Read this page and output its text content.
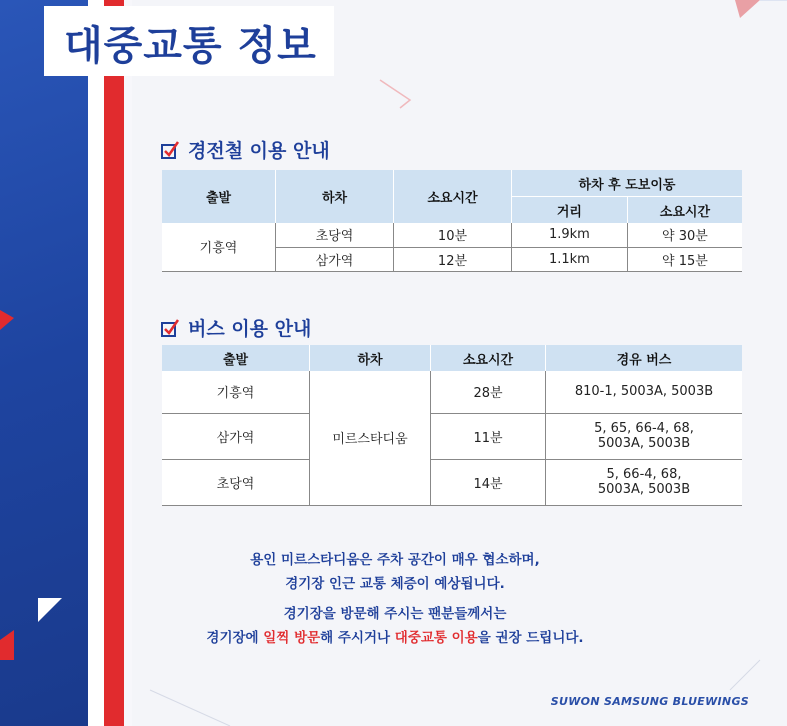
대중교통 정보
경전철 이용 안내
출발	하차	소요시간	하차 후 도보이동	
			거리	소요시간
기흥역	초당역	10분	1.9km	약 30분
	삼가역	12분	1.1km	약 15분
버스 이용 안내
출발	하차	소요시간	경유 버스
기흥역	미르스타디움	28분	810-1, 5003A, 5003B

삼가역		11분	5, 65, 66-4, 68,
5003A, 5003B

초당역		14분	5, 66-4, 68,
5003A, 5003B
용인 미르스타디움은 주차 공간이 매우 협소하며,
경기장 인근 교통 체증이 예상됩니다.
경기장을 방문해 주시는 팬분들께서는
경기장에 일찍 방문해 주시거나 대중교통 이용을 권장 드립니다.
SUWON SAMSUNG BLUEWINGS
